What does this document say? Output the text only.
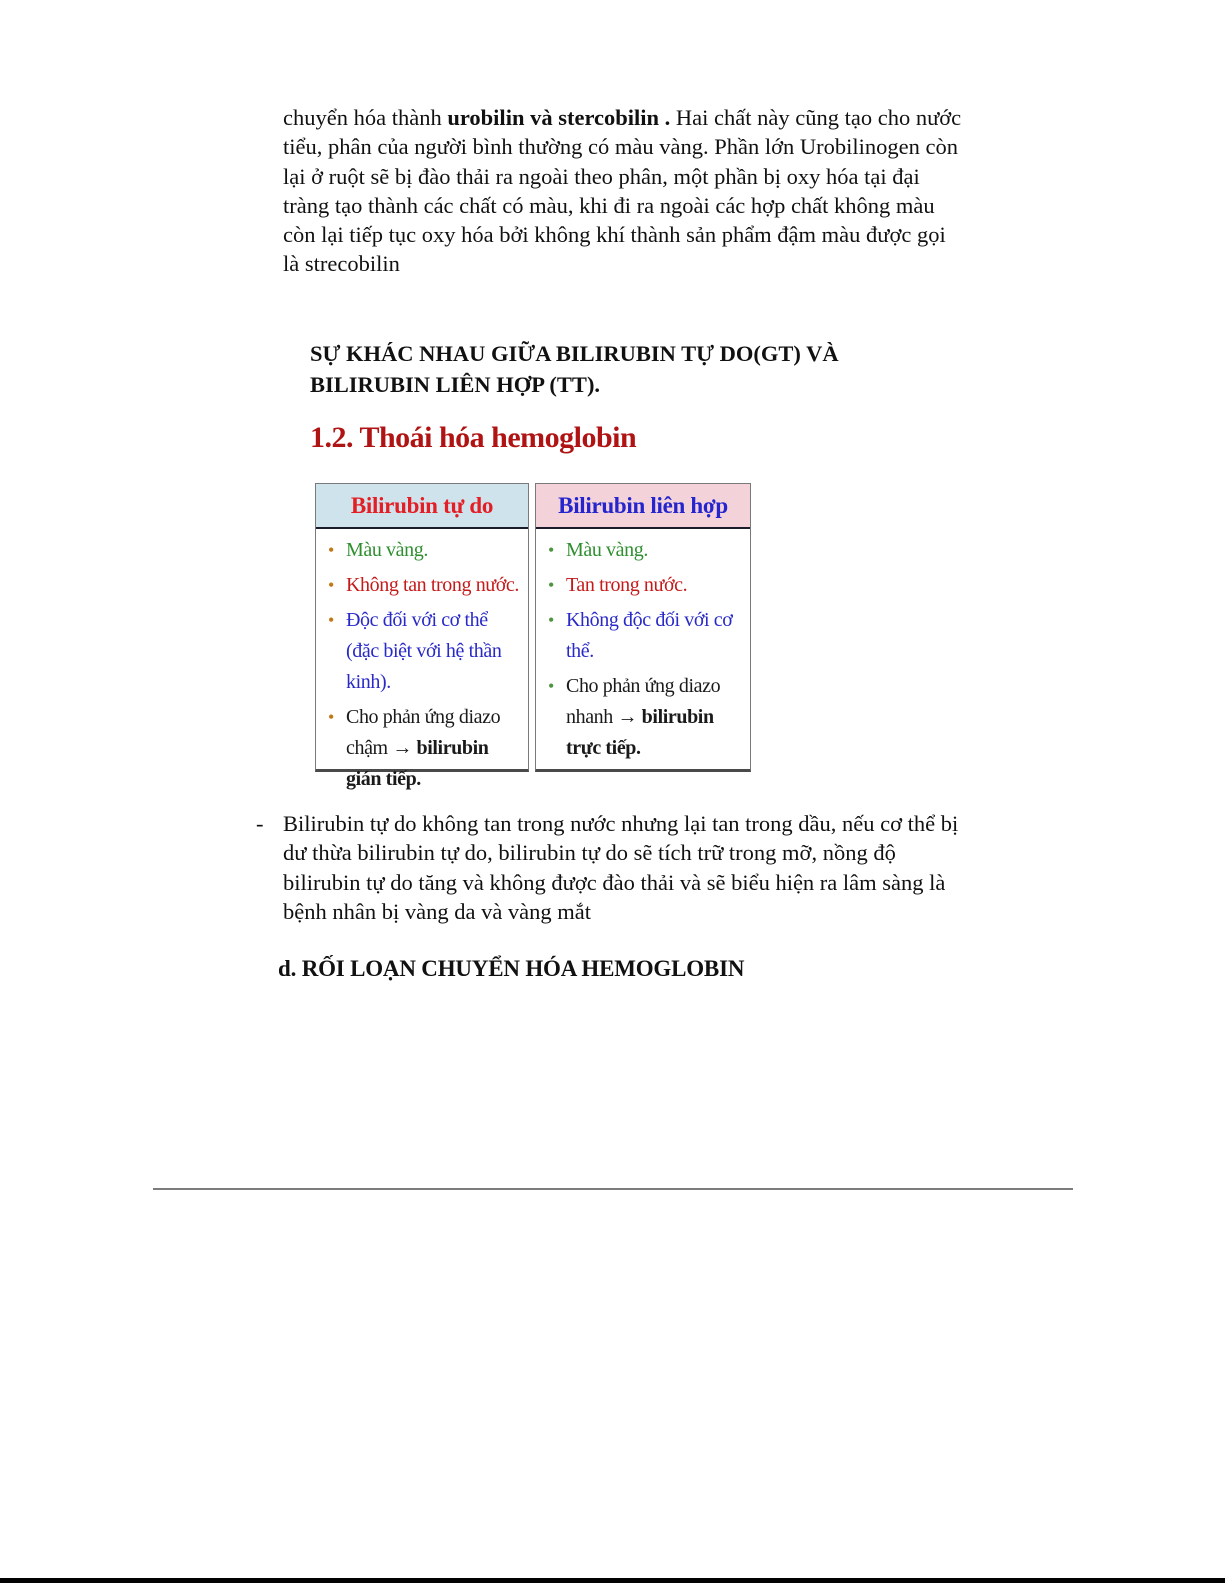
chuyển hóa thành urobilin và stercobilin . Hai chất này cũng tạo cho nước tiểu, phân của người bình thường có màu vàng. Phần lớn Urobilinogen còn lại ở ruột sẽ bị đào thải ra ngoài theo phân, một phần bị oxy hóa tại đại tràng tạo thành các chất có màu, khi đi ra ngoài các hợp chất không màu còn lại tiếp tục oxy hóa bởi không khí thành sản phẩm đậm màu được gọi là strecobilin

SỰ KHÁC NHAU GIỮA BILIRUBIN TỰ DO(GT) VÀ BILIRUBIN LIÊN HỢP (TT).
1.2. Thoái hóa hemoglobin
Bilirubin tự do
• Màu vàng.
• Không tan trong nước.
• Độc đối với cơ thể (đặc biệt với hệ thần kinh).
• Cho phản ứng diazo chậm → bilirubin gián tiếp.
Bilirubin liên hợp
• Màu vàng.
• Tan trong nước.
• Không độc đối với cơ thể.
• Cho phản ứng diazo nhanh → bilirubin trực tiếp.
- Bilirubin tự do không tan trong nước nhưng lại tan trong dầu, nếu cơ thể bị dư thừa bilirubin tự do, bilirubin tự do sẽ tích trữ trong mỡ, nồng độ bilirubin tự do tăng và không được đào thải và sẽ biểu hiện ra lâm sàng là bệnh nhân bị vàng da và vàng mắt
d. RỐI LOẠN CHUYỂN HÓA HEMOGLOBIN
